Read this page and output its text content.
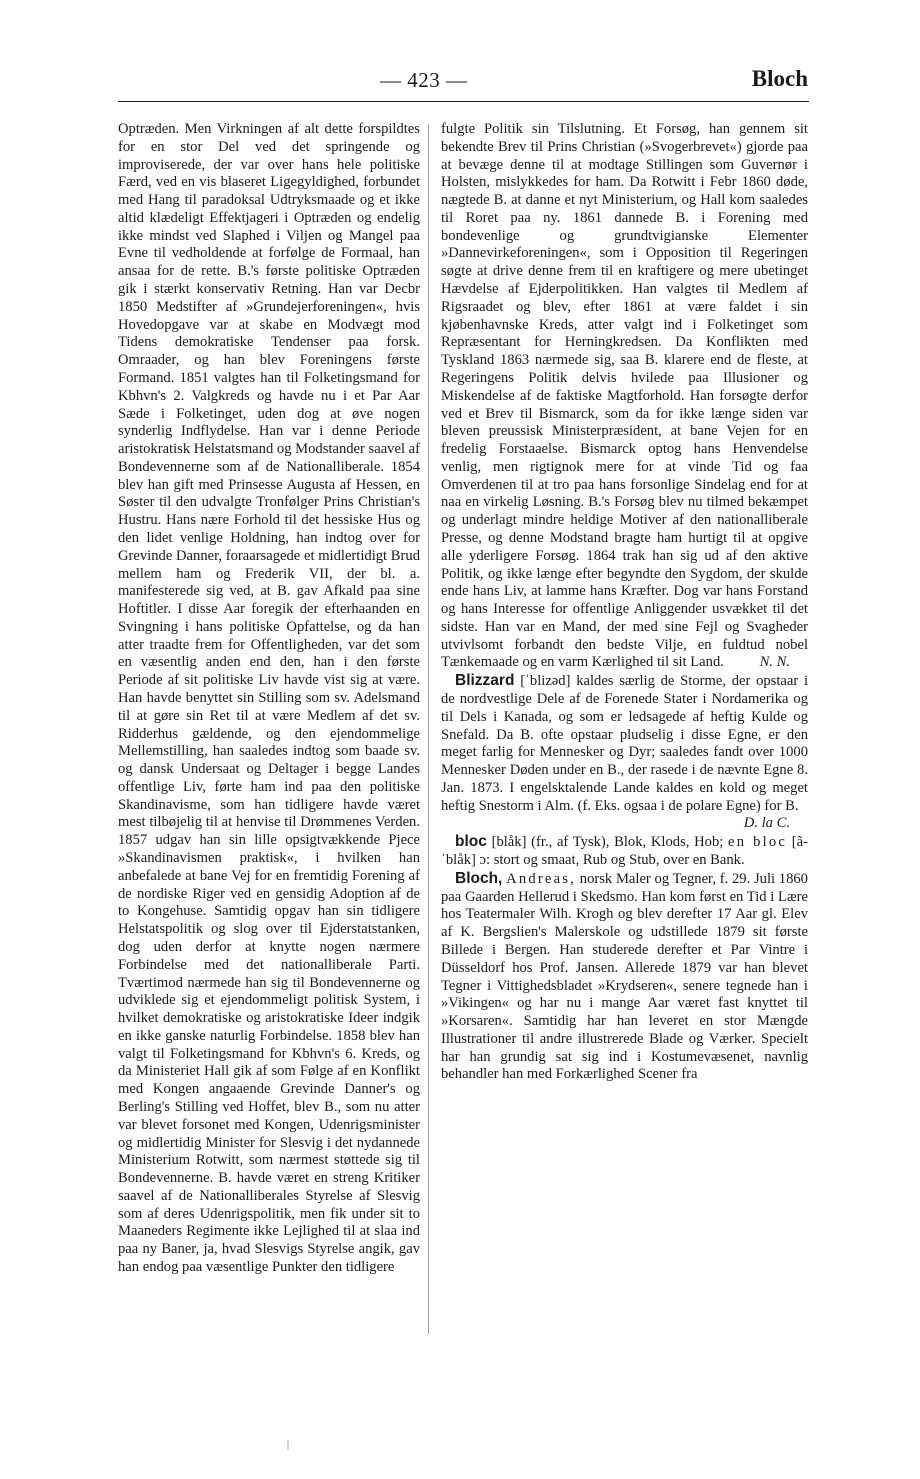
— 423 —	Bloch

Optræden. Men Virkningen af alt dette forspildtes for en stor Del ved det springende og improviserede, der var over hans hele politiske Færd, ved en vis blaseret Ligegyldighed, forbundet med Hang til paradoksal Udtryksmaade og et ikke altid klædeligt Effektjageri i Optræden og endelig ikke mindst ved Slaphed i Viljen og Mangel paa Evne til vedholdende at forfølge de Formaal, han ansaa for de rette. B.'s første politiske Optræden gik i stærkt konservativ Retning. Han var Decbr 1850 Medstifter af »Grundejerforeningen«, hvis Hovedopgave var at skabe en Modvægt mod Tidens demokratiske Tendenser paa forsk. Omraader, og han blev Foreningens første Formand. 1851 valgtes han til Folketingsmand for Kbhvn's 2. Valgkreds og havde nu i et Par Aar Sæde i Folketinget, uden dog at øve nogen synderlig Indflydelse. Han var i denne Periode aristokratisk Helstatsmand og Modstander saavel af Bondevennerne som af de Nationalliberale. 1854 blev han gift med Prinsesse Augusta af Hessen, en Søster til den udvalgte Tronfølger Prins Christian's Hustru. Hans nære Forhold til det hessiske Hus og den lidet venlige Holdning, han indtog over for Grevinde Danner, foraarsagede et midlertidigt Brud mellem ham og Frederik VII, der bl. a. manifesterede sig ved, at B. gav Afkald paa sine Hoftitler. I disse Aar foregik der efterhaanden en Svingning i hans politiske Opfattelse, og da han atter traadte frem for Offentligheden, var det som en væsentlig anden end den, han i den første Periode af sit politiske Liv havde vist sig at være. Han havde benyttet sin Stilling som sv. Adelsmand til at gøre sin Ret til at være Medlem af det sv. Ridderhus gældende, og den ejendommelige Mellemstilling, han saaledes indtog som baade sv. og dansk Undersaat og Deltager i begge Landes offentlige Liv, førte ham ind paa den politiske Skandinavisme, som han tidligere havde været mest tilbøjelig til at henvise til Drømmenes Verden. 1857 udgav han sin lille opsigtvækkende Pjece »Skandinavismen praktisk«, i hvilken han anbefalede at bane Vej for en fremtidig Forening af de nordiske Riger ved en gensidig Adoption af de to Kongehuse. Samtidig opgav han sin tidligere Helstatspolitik og slog over til Ejderstatstanken, dog uden derfor at knytte nogen nærmere Forbindelse med det nationalliberale Parti. Tværtimod nærmede han sig til Bondevennerne og udviklede sig et ejendommeligt politisk System, i hvilket demokratiske og aristokratiske Ideer indgik en ikke ganske naturlig Forbindelse. 1858 blev han valgt til Folketingsmand for Kbhvn's 6. Kreds, og da Ministeriet Hall gik af som Følge af en Konflikt med Kongen angaaende Grevinde Danner's og Berling's Stilling ved Hoffet, blev B., som nu atter var blevet forsonet med Kongen, Udenrigsminister og midlertidig Minister for Slesvig i det nydannede Ministerium Rotwitt, som nærmest støttede sig til Bondevennerne. B. havde været en streng Kritiker saavel af de Nationalliberales Styrelse af Slesvig som af deres Udenrigspolitik, men fik under sit to Maaneders Regimente ikke Lejlighed til at slaa ind paa ny Baner, ja, hvad Slesvigs Styrelse angik, gav han endog paa væsentlige Punkter den tidligere

fulgte Politik sin Tilslutning. Et Forsøg, han gennem sit bekendte Brev til Prins Christian (»Svogerbrevet«) gjorde paa at bevæge denne til at modtage Stillingen som Guvernør i Holsten, mislykkedes for ham. Da Rotwitt i Febr 1860 døde, nægtede B. at danne et nyt Ministerium, og Hall kom saaledes til Roret paa ny. 1861 dannede B. i Forening med bondevenlige og grundtvigianske Elementer »Dannevirkeforeningen«, som i Opposition til Regeringen søgte at drive denne frem til en kraftigere og mere ubetinget Hævdelse af Ejderpolitikken. Han valgtes til Medlem af Rigsraadet og blev, efter 1861 at være faldet i sin kjøbenhavnske Kreds, atter valgt ind i Folketinget som Repræsentant for Herningkredsen. Da Konflikten med Tyskland 1863 nærmede sig, saa B. klarere end de fleste, at Regeringens Politik delvis hvilede paa Illusioner og Miskendelse af de faktiske Magtforhold. Han forsøgte derfor ved et Brev til Bismarck, som da for ikke længe siden var bleven preussisk Ministerpræsident, at bane Vejen for en fredelig Forstaaelse. Bismarck optog hans Henvendelse venlig, men rigtignok mere for at vinde Tid og faa Omverdenen til at tro paa hans forsonlige Sindelag end for at naa en virkelig Løsning. B.'s Forsøg blev nu tilmed bekæmpet og underlagt mindre heldige Motiver af den nationalliberale Presse, og denne Modstand bragte ham hurtigt til at opgive alle yderligere Forsøg. 1864 trak han sig ud af den aktive Politik, og ikke længe efter begyndte den Sygdom, der skulde ende hans Liv, at lamme hans Kræfter. Dog var hans Forstand og hans Interesse for offentlige Anliggender usvækket til det sidste. Han var en Mand, der med sine Fejl og Svagheder utvivlsomt forbandt den bedste Vilje, en fuldtud nobel Tænkemaade og en varm Kærlighed til sit Land. N. N.

Blizzard [ˈblizəd] kaldes særlig de Storme, der opstaar i de nordvestlige Dele af de Forenede Stater i Nordamerika og til Dels i Kanada, og som er ledsagede af heftig Kulde og Snefald. Da B. ofte opstaar pludselig i disse Egne, er den meget farlig for Mennesker og Dyr; saaledes fandt over 1000 Mennesker Døden under en B., der rasede i de nævnte Egne 8. Jan. 1873. I engelsktalende Lande kaldes en kold og meget heftig Snestorm i Alm. (f. Eks. ogsaa i de polare Egne) for B.
D. la C.

bloc [blåk] (fr., af Tysk), Blok, Klods, Hob; en bloc [ã-ˈblåk] ɔ: stort og smaat, Rub og Stub, over en Bank.

Bloch, Andreas, norsk Maler og Tegner, f. 29. Juli 1860 paa Gaarden Hellerud i Skedsmo. Han kom først en Tid i Lære hos Teatermaler Wilh. Krogh og blev derefter 17 Aar gl. Elev af K. Bergslien's Malerskole og udstillede 1879 sit første Billede i Bergen. Han studerede derefter et Par Vintre i Düsseldorf hos Prof. Jansen. Allerede 1879 var han blevet Tegner i Vittighedsbladet »Krydseren«, senere tegnede han i »Vikingen« og har nu i mange Aar været fast knyttet til »Korsaren«. Samtidig har han leveret en stor Mængde Illustrationer til andre illustrerede Blade og Værker. Specielt har han grundig sat sig ind i Kostumevæsenet, navnlig behandler han med Forkærlighed Scener fra
